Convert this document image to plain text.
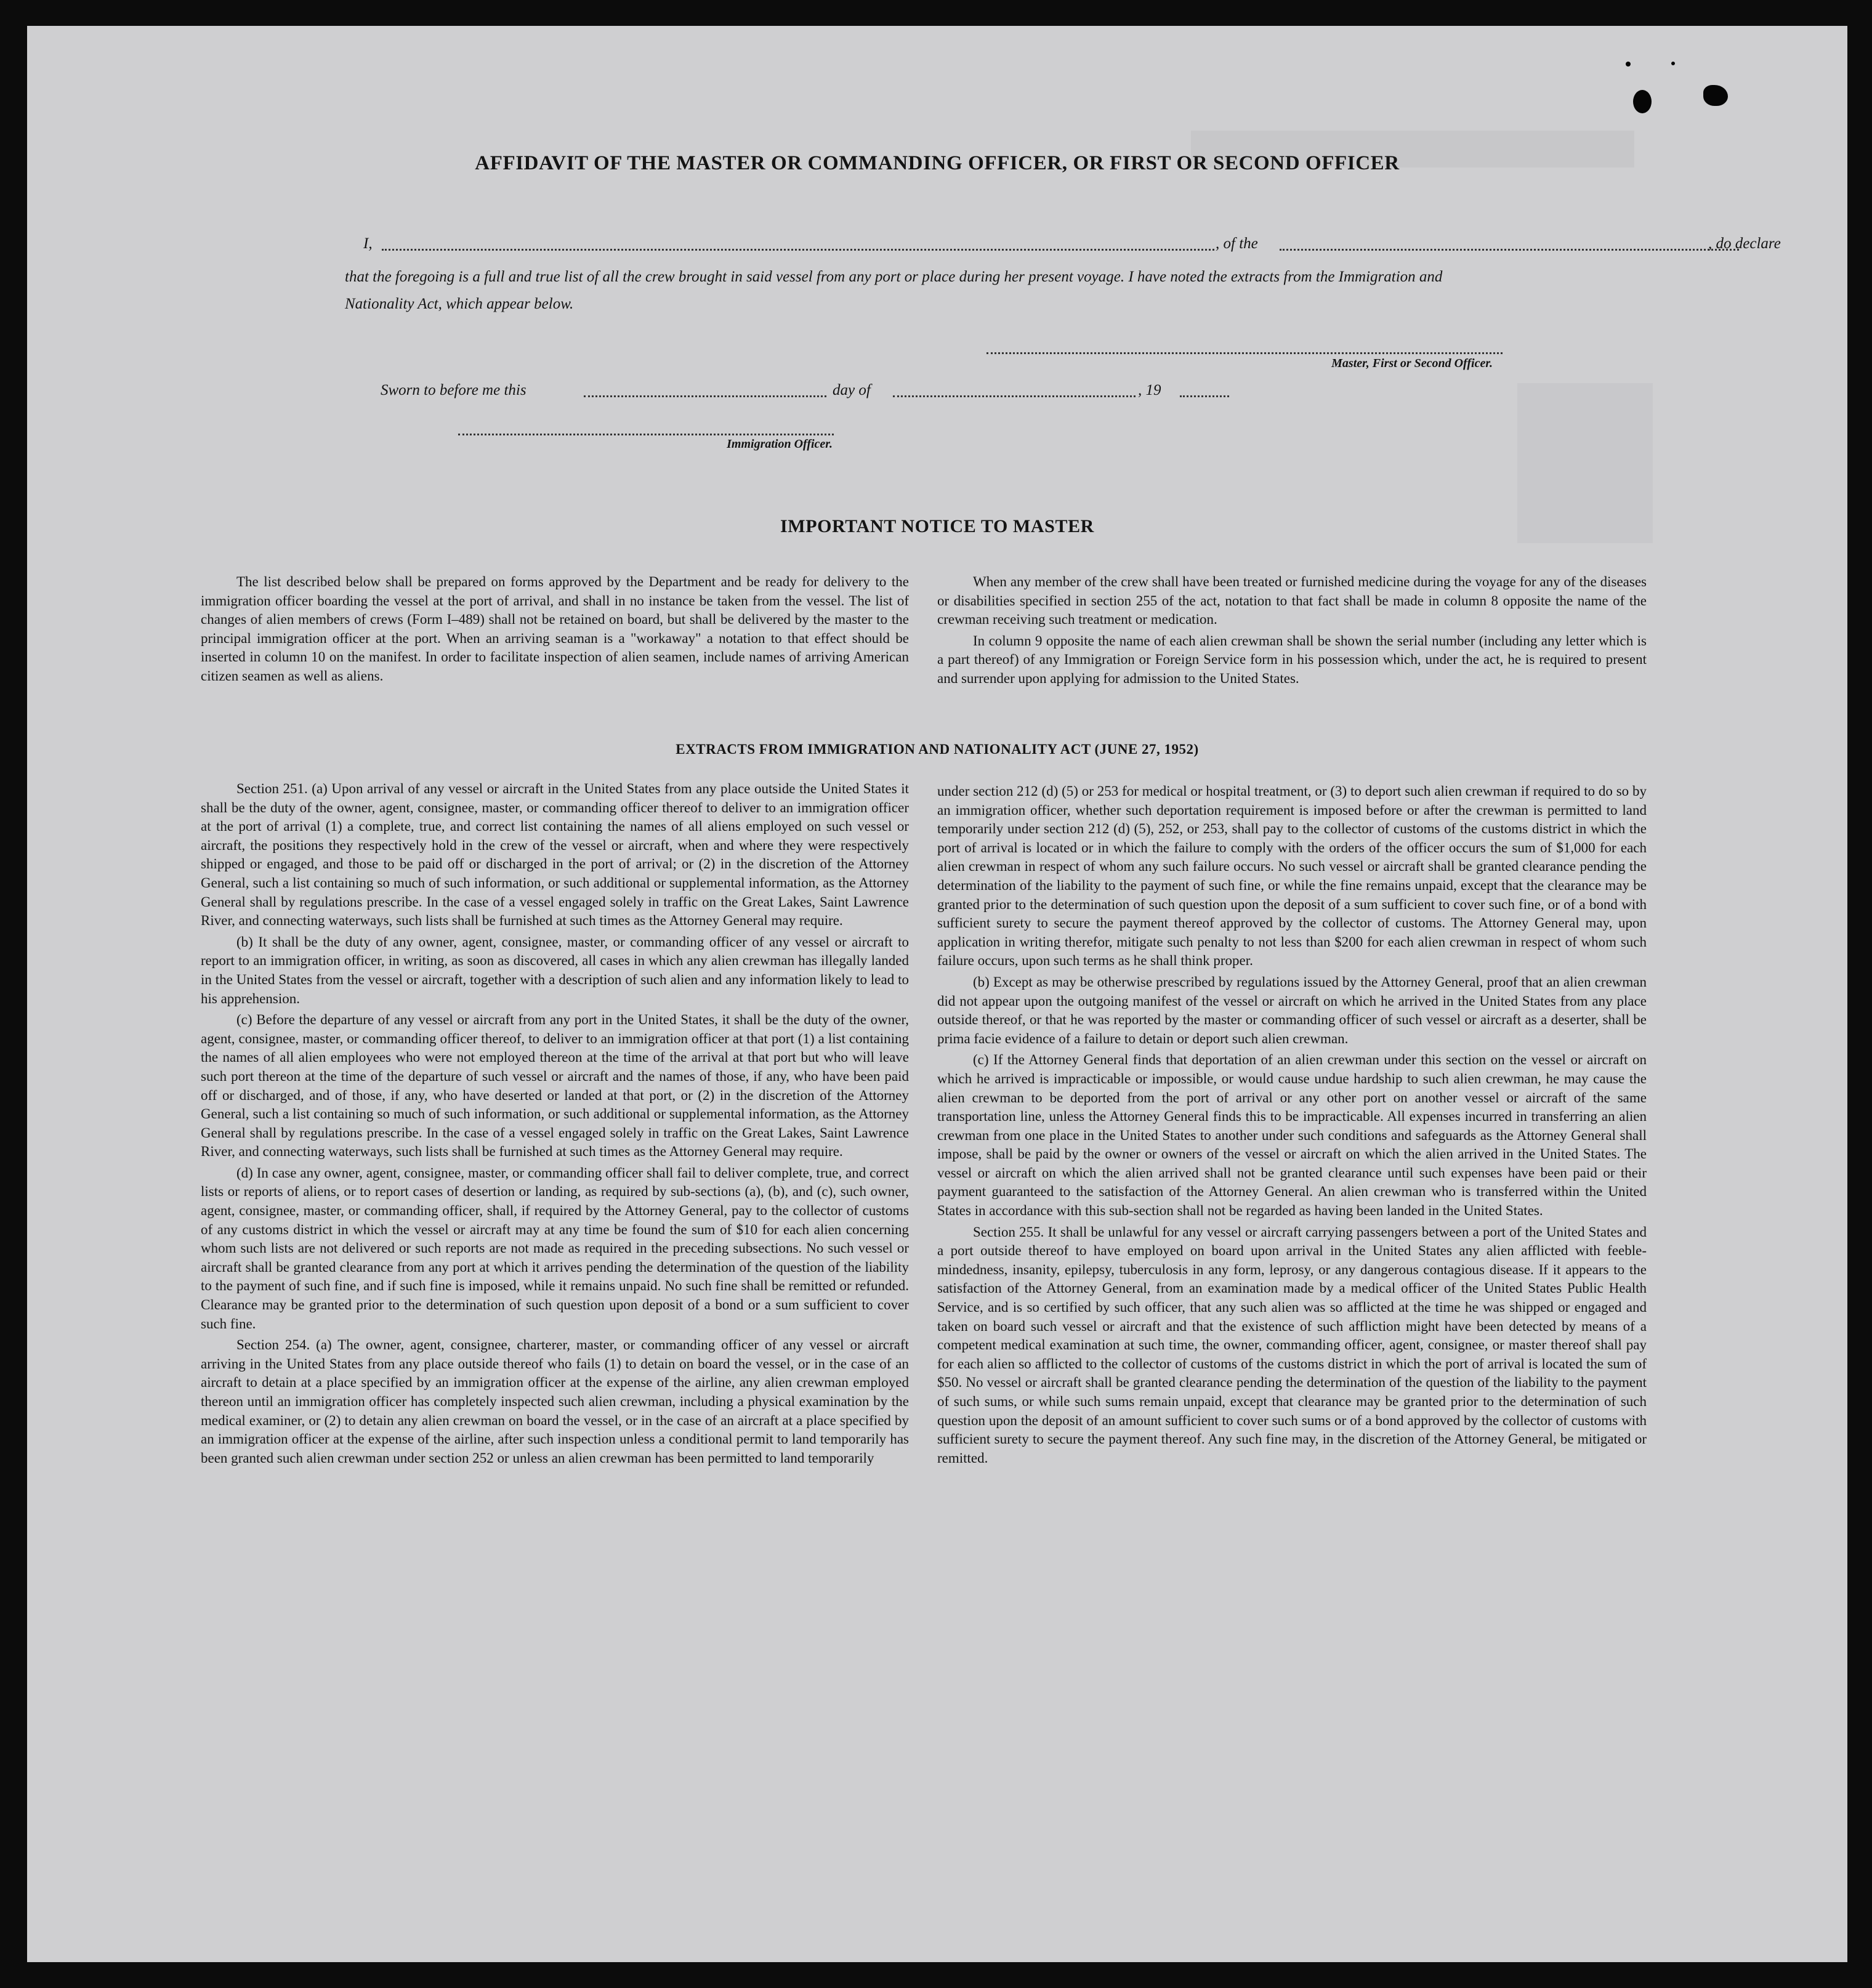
AFFIDAVIT OF THE MASTER OR COMMANDING OFFICER, OR FIRST OR SECOND OFFICER
I,	, of the	, do declare
that the foregoing is a full and true list of all the crew brought in said vessel from any port or place during her present voyage. I have noted the extracts from the Immigration and Nationality Act, which appear below.
Master, First or Second Officer.
Sworn to before me this	day of	, 19
Immigration Officer.
IMPORTANT NOTICE TO MASTER

The list described below shall be prepared on forms approved by the Department and be ready for delivery to the immigration officer boarding the vessel at the port of arrival, and shall in no instance be taken from the vessel. The list of changes of alien members of crews (Form I–489) shall not be retained on board, but shall be delivered by the master to the principal immigration officer at the port. When an arriving seaman is a "workaway" a notation to that effect should be inserted in column 10 on the manifest. In order to facilitate inspection of alien seamen, include names of arriving American citizen seamen as well as aliens.

When any member of the crew shall have been treated or furnished medicine during the voyage for any of the diseases or disabilities specified in section 255 of the act, notation to that fact shall be made in column 8 opposite the name of the crewman receiving such treatment or medication.

In column 9 opposite the name of each alien crewman shall be shown the serial number (including any letter which is a part thereof) of any Immigration or Foreign Service form in his possession which, under the act, he is required to present and surrender upon applying for admission to the United States.

EXTRACTS FROM IMMIGRATION AND NATIONALITY ACT (JUNE 27, 1952)

Section 251. (a) Upon arrival of any vessel or aircraft in the United States from any place outside the United States it shall be the duty of the owner, agent, consignee, master, or commanding officer thereof to deliver to an immigration officer at the port of arrival (1) a complete, true, and correct list containing the names of all aliens employed on such vessel or aircraft, the positions they respectively hold in the crew of the vessel or aircraft, when and where they were respectively shipped or engaged, and those to be paid off or discharged in the port of arrival; or (2) in the discretion of the Attorney General, such a list containing so much of such information, or such additional or supplemental information, as the Attorney General shall by regulations prescribe. In the case of a vessel engaged solely in traffic on the Great Lakes, Saint Lawrence River, and connecting waterways, such lists shall be furnished at such times as the Attorney General may require.

(b) It shall be the duty of any owner, agent, consignee, master, or commanding officer of any vessel or aircraft to report to an immigration officer, in writing, as soon as discovered, all cases in which any alien crewman has illegally landed in the United States from the vessel or aircraft, together with a description of such alien and any information likely to lead to his apprehension.

(c) Before the departure of any vessel or aircraft from any port in the United States, it shall be the duty of the owner, agent, consignee, master, or commanding officer thereof, to deliver to an immigration officer at that port (1) a list containing the names of all alien employees who were not employed thereon at the time of the arrival at that port but who will leave such port thereon at the time of the departure of such vessel or aircraft and the names of those, if any, who have been paid off or discharged, and of those, if any, who have deserted or landed at that port, or (2) in the discretion of the Attorney General, such a list containing so much of such information, or such additional or supplemental information, as the Attorney General shall by regulations prescribe. In the case of a vessel engaged solely in traffic on the Great Lakes, Saint Lawrence River, and connecting waterways, such lists shall be furnished at such times as the Attorney General may require.

(d) In case any owner, agent, consignee, master, or commanding officer shall fail to deliver complete, true, and correct lists or reports of aliens, or to report cases of desertion or landing, as required by sub-sections (a), (b), and (c), such owner, agent, consignee, master, or commanding officer, shall, if required by the Attorney General, pay to the collector of customs of any customs district in which the vessel or aircraft may at any time be found the sum of $10 for each alien concerning whom such lists are not delivered or such reports are not made as required in the preceding subsections. No such vessel or aircraft shall be granted clearance from any port at which it arrives pending the determination of the question of the liability to the payment of such fine, and if such fine is imposed, while it remains unpaid. No such fine shall be remitted or refunded. Clearance may be granted prior to the determination of such question upon deposit of a bond or a sum sufficient to cover such fine.

Section 254. (a) The owner, agent, consignee, charterer, master, or commanding officer of any vessel or aircraft arriving in the United States from any place outside thereof who fails (1) to detain on board the vessel, or in the case of an aircraft to detain at a place specified by an immigration officer at the expense of the airline, any alien crewman employed thereon until an immigration officer has completely inspected such alien crewman, including a physical examination by the medical examiner, or (2) to detain any alien crewman on board the vessel, or in the case of an aircraft at a place specified by an immigration officer at the expense of the airline, after such inspection unless a conditional permit to land temporarily has been granted such alien crewman under section 252 or unless an alien crewman has been permitted to land temporarily

under section 212 (d) (5) or 253 for medical or hospital treatment, or (3) to deport such alien crewman if required to do so by an immigration officer, whether such deportation requirement is imposed before or after the crewman is permitted to land temporarily under section 212 (d) (5), 252, or 253, shall pay to the collector of customs of the customs district in which the port of arrival is located or in which the failure to comply with the orders of the officer occurs the sum of $1,000 for each alien crewman in respect of whom any such failure occurs. No such vessel or aircraft shall be granted clearance pending the determination of the liability to the payment of such fine, or while the fine remains unpaid, except that the clearance may be granted prior to the determination of such question upon the deposit of a sum sufficient to cover such fine, or of a bond with sufficient surety to secure the payment thereof approved by the collector of customs. The Attorney General may, upon application in writing therefor, mitigate such penalty to not less than $200 for each alien crewman in respect of whom such failure occurs, upon such terms as he shall think proper.

(b) Except as may be otherwise prescribed by regulations issued by the Attorney General, proof that an alien crewman did not appear upon the outgoing manifest of the vessel or aircraft on which he arrived in the United States from any place outside thereof, or that he was reported by the master or commanding officer of such vessel or aircraft as a deserter, shall be prima facie evidence of a failure to detain or deport such alien crewman.

(c) If the Attorney General finds that deportation of an alien crewman under this section on the vessel or aircraft on which he arrived is impracticable or impossible, or would cause undue hardship to such alien crewman, he may cause the alien crewman to be deported from the port of arrival or any other port on another vessel or aircraft of the same transportation line, unless the Attorney General finds this to be impracticable. All expenses incurred in transferring an alien crewman from one place in the United States to another under such conditions and safeguards as the Attorney General shall impose, shall be paid by the owner or owners of the vessel or aircraft on which the alien arrived in the United States. The vessel or aircraft on which the alien arrived shall not be granted clearance until such expenses have been paid or their payment guaranteed to the satisfaction of the Attorney General. An alien crewman who is transferred within the United States in accordance with this sub-section shall not be regarded as having been landed in the United States.

Section 255. It shall be unlawful for any vessel or aircraft carrying passengers between a port of the United States and a port outside thereof to have employed on board upon arrival in the United States any alien afflicted with feeble-mindedness, insanity, epilepsy, tuberculosis in any form, leprosy, or any dangerous contagious disease. If it appears to the satisfaction of the Attorney General, from an examination made by a medical officer of the United States Public Health Service, and is so certified by such officer, that any such alien was so afflicted at the time he was shipped or engaged and taken on board such vessel or aircraft and that the existence of such affliction might have been detected by means of a competent medical examination at such time, the owner, commanding officer, agent, consignee, or master thereof shall pay for each alien so afflicted to the collector of customs of the customs district in which the port of arrival is located the sum of $50. No vessel or aircraft shall be granted clearance pending the determination of the question of the liability to the payment of such sums, or while such sums remain unpaid, except that clearance may be granted prior to the determination of such question upon the deposit of an amount sufficient to cover such sums or of a bond approved by the collector of customs with sufficient surety to secure the payment thereof. Any such fine may, in the discretion of the Attorney General, be mitigated or remitted.
